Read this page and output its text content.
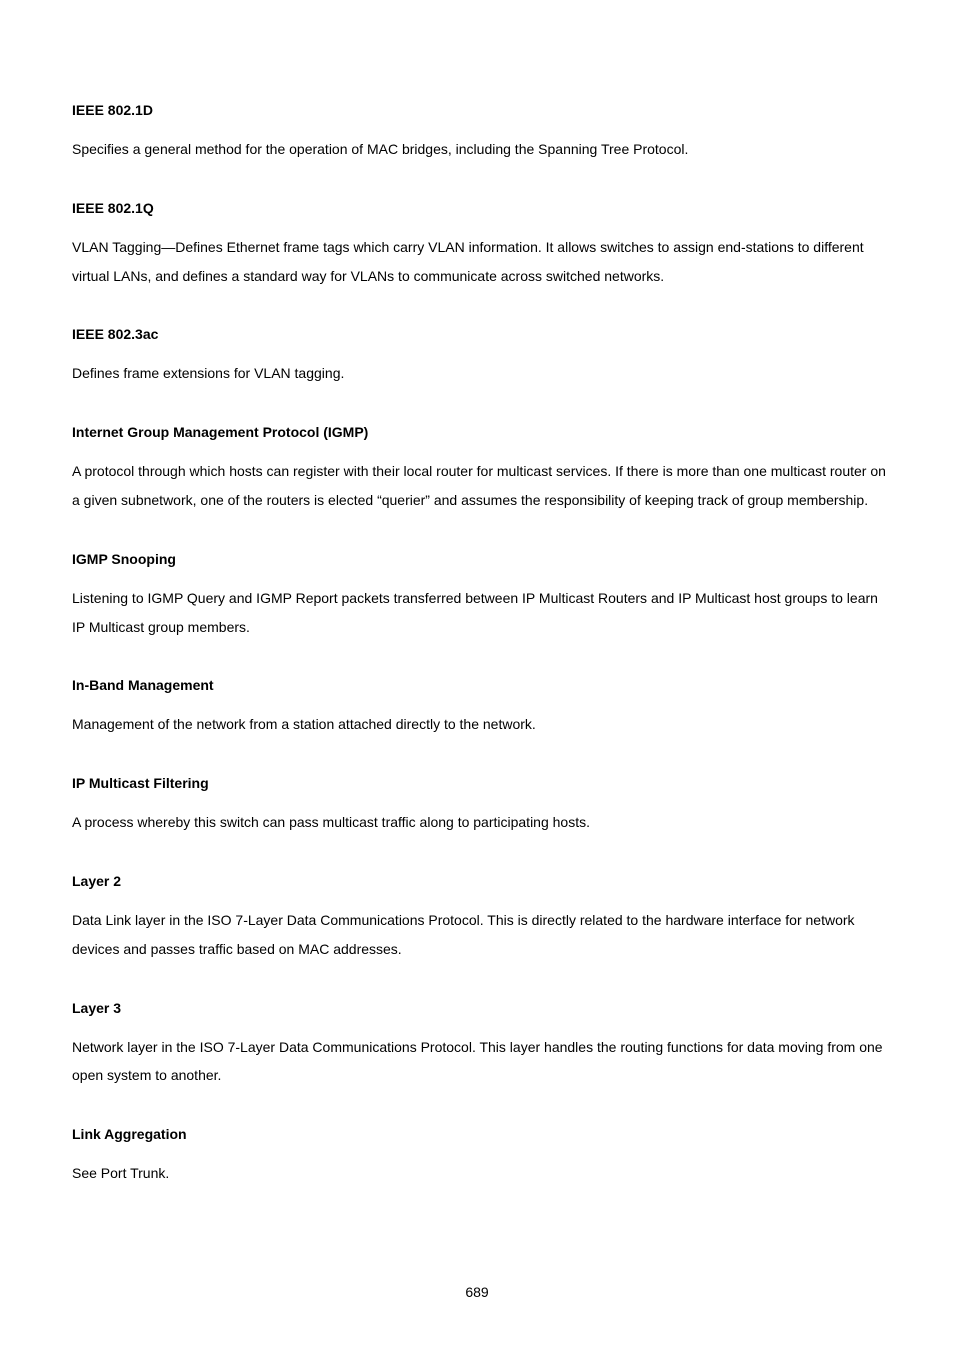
IEEE 802.1D

Specifies a general method for the operation of MAC bridges, including the Spanning Tree Protocol.

IEEE 802.1Q

VLAN Tagging—Defines Ethernet frame tags which carry VLAN information. It allows switches to assign end-stations to different virtual LANs, and defines a standard way for VLANs to communicate across switched networks.

IEEE 802.3ac

Defines frame extensions for VLAN tagging.

Internet Group Management Protocol (IGMP)

A protocol through which hosts can register with their local router for multicast services. If there is more than one multicast router on a given subnetwork, one of the routers is elected “querier” and assumes the responsibility of keeping track of group membership.

IGMP Snooping

Listening to IGMP Query and IGMP Report packets transferred between IP Multicast Routers and IP Multicast host groups to learn IP Multicast group members.

In-Band Management

Management of the network from a station attached directly to the network.

IP Multicast Filtering

A process whereby this switch can pass multicast traffic along to participating hosts.

Layer 2

Data Link layer in the ISO 7-Layer Data Communications Protocol. This is directly related to the hardware interface for network devices and passes traffic based on MAC addresses.

Layer 3

Network layer in the ISO 7-Layer Data Communications Protocol. This layer handles the routing functions for data moving from one open system to another.

Link Aggregation

See Port Trunk.

689
